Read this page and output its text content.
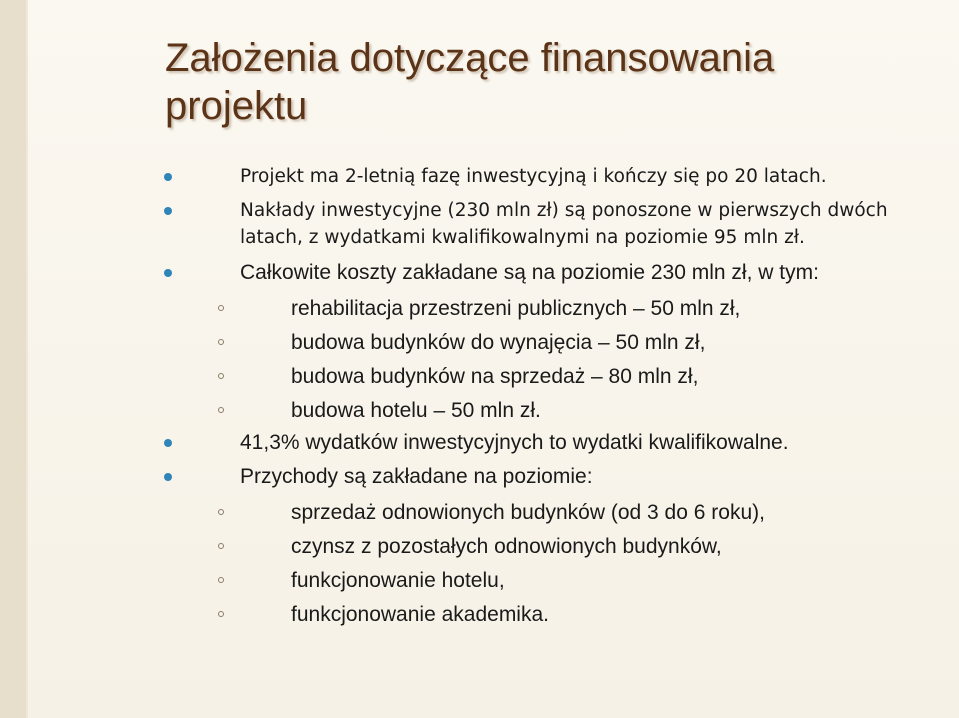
Założenia dotyczące finansowania projektu
Projekt ma 2-letnią fazę inwestycyjną i kończy się po 20 latach.
Nakłady inwestycyjne (230 mln zł) są ponoszone w pierwszych dwóch latach, z wydatkami kwalifikowalnymi na poziomie 95 mln zł.
Całkowite koszty zakładane są na poziomie 230 mln zł, w tym:
rehabilitacja przestrzeni publicznych – 50 mln zł,
budowa budynków do wynajęcia – 50 mln zł,
budowa budynków na sprzedaż – 80 mln zł,
budowa hotelu – 50 mln zł.
41,3% wydatków inwestycyjnych to wydatki kwalifikowalne.
Przychody są zakładane na poziomie:
sprzedaż odnowionych budynków (od 3 do 6 roku),
czynsz z pozostałych odnowionych budynków,
funkcjonowanie hotelu,
funkcjonowanie akademika.
